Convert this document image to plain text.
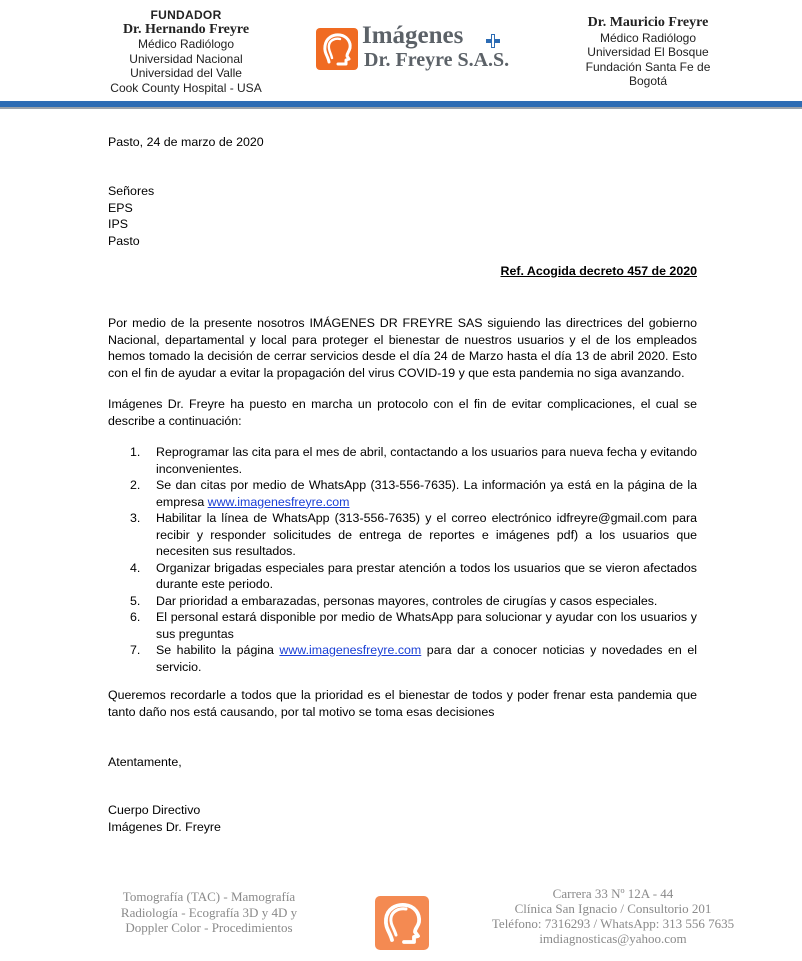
FUNDADOR
Dr. Hernando Freyre
Médico Radiólogo
Universidad Nacional
Universidad del Valle
Cook County Hospital - USA
Imágenes
Dr. Freyre S.A.S.
Dr. Mauricio Freyre
Médico Radiólogo
Universidad El Bosque
Fundación Santa Fe de Bogotá
Pasto, 24 de marzo de 2020
Señores
EPS
IPS
Pasto
Ref. Acogida decreto 457 de 2020
Por medio de la presente nosotros IMÁGENES DR FREYRE SAS siguiendo las directrices del gobierno Nacional, departamental y local para proteger el bienestar de nuestros usuarios y el de los empleados hemos tomado la decisión de cerrar servicios desde el día 24 de Marzo hasta el día 13 de abril 2020. Esto con el fin de ayudar a evitar la propagación del virus COVID-19 y que esta pandemia no siga avanzando.
Imágenes Dr. Freyre ha puesto en marcha un protocolo con el fin de evitar complicaciones, el cual se describe a continuación:
1. Reprogramar las cita para el mes de abril, contactando a los usuarios para nueva fecha y evitando inconvenientes.
2. Se dan citas por medio de WhatsApp (313-556-7635). La información ya está en la página de la empresa www.imagenesfreyre.com
3. Habilitar la línea de WhatsApp (313-556-7635) y el correo electrónico idfreyre@gmail.com para recibir y responder solicitudes de entrega de reportes e imágenes pdf) a los usuarios que necesiten sus resultados.
4. Organizar brigadas especiales para prestar atención a todos los usuarios que se vieron afectados durante este periodo.
5. Dar prioridad a embarazadas, personas mayores, controles de cirugías y casos especiales.
6. El personal estará disponible por medio de WhatsApp para solucionar y ayudar con los usuarios y sus preguntas
7. Se habilito la página www.imagenesfreyre.com para dar a conocer noticias y novedades en el servicio.
Queremos recordarle a todos que la prioridad es el bienestar de todos y poder frenar esta pandemia que tanto daño nos está causando, por tal motivo se toma esas decisiones
Atentamente,
Cuerpo Directivo
Imágenes Dr. Freyre
Tomografía (TAC) - Mamografía
Radiología - Ecografía 3D y 4D y
Doppler Color - Procedimientos
Carrera 33 Nº 12A - 44
Clínica San Ignacio / Consultorio 201
Teléfono: 7316293 / WhatsApp: 313 556 7635
imdiagnosticas@yahoo.com
